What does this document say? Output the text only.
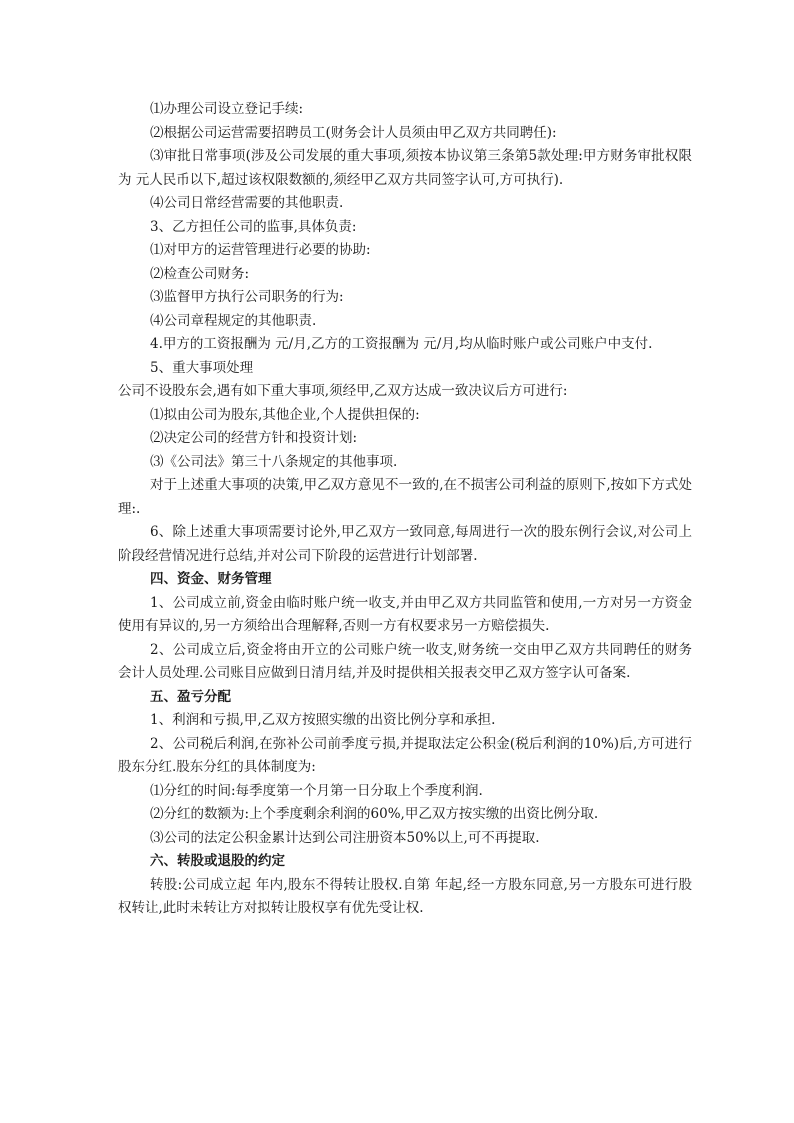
⑴办理公司设立登记手续:

⑵根据公司运营需要招聘员工(财务会计人员须由甲乙双方共同聘任):

⑶审批日常事项(涉及公司发展的重大事项,须按本协议第三条第5款处理:甲方财务审批权限为 元人民币以下,超过该权限数额的,须经甲乙双方共同签字认可,方可执行).

⑷公司日常经营需要的其他职责.

3、乙方担任公司的监事,具体负责:

⑴对甲方的运营管理进行必要的协助:

⑵检查公司财务:

⑶监督甲方执行公司职务的行为:

⑷公司章程规定的其他职责.

4.甲方的工资报酬为 元/月,乙方的工资报酬为 元/月,均从临时账户或公司账户中支付.

5、重大事项处理

公司不设股东会,遇有如下重大事项,须经甲,乙双方达成一致决议后方可进行:

⑴拟由公司为股东,其他企业,个人提供担保的:

⑵决定公司的经营方针和投资计划:

⑶《公司法》第三十八条规定的其他事项.

对于上述重大事项的决策,甲乙双方意见不一致的,在不损害公司利益的原则下,按如下方式处理:.

6、除上述重大事项需要讨论外,甲乙双方一致同意,每周进行一次的股东例行会议,对公司上阶段经营情况进行总结,并对公司下阶段的运营进行计划部署.

四、资金、财务管理

1、公司成立前,资金由临时账户统一收支,并由甲乙双方共同监管和使用,一方对另一方资金使用有异议的,另一方须给出合理解释,否则一方有权要求另一方赔偿损失.

2、公司成立后,资金将由开立的公司账户统一收支,财务统一交由甲乙双方共同聘任的财务会计人员处理.公司账目应做到日清月结,并及时提供相关报表交甲乙双方签字认可备案.

五、盈亏分配

1、利润和亏损,甲,乙双方按照实缴的出资比例分享和承担.

2、公司税后利润,在弥补公司前季度亏损,并提取法定公积金(税后利润的10%)后,方可进行股东分红.股东分红的具体制度为:

⑴分红的时间:每季度第一个月第一日分取上个季度利润.

⑵分红的数额为:上个季度剩余利润的60%,甲乙双方按实缴的出资比例分取.

⑶公司的法定公积金累计达到公司注册资本50%以上,可不再提取.

六、转股或退股的约定

转股:公司成立起 年内,股东不得转让股权.自第 年起,经一方股东同意,另一方股东可进行股权转让,此时未转让方对拟转让股权享有优先受让权.
